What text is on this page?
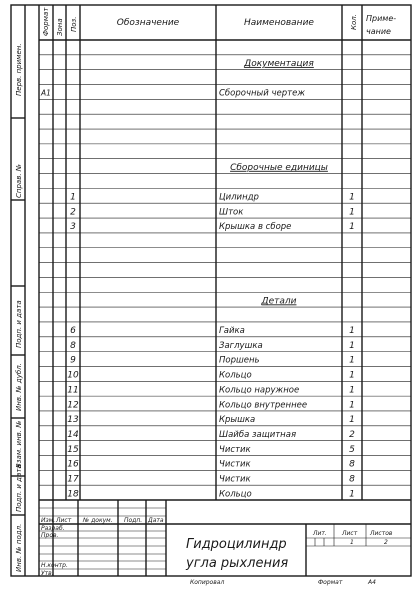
Формат Зона Поз.	Обозначение	Наименование	Кол. Приме-
чание
Документация
А1	Сборочный чертеж
Сборочные единицы
1	Цилиндр	1
2	Шток	1
3	Крышка в сборе	1
Детали
6	Гайка	1
8	Заглушка	1
9	Поршень	1
10	Кольцо	1
11	Кольцо наружное	1
12	Кольцо внутреннее	1
13	Крышка	1
14	Шайба защитная	2
15	Чистик	5
16	Чистик	8
17	Чистик	8
18	Кольцо	1
Перв. примен.
Справ. №
Подп. и дата
Инв. № дубл.
Взам. инв. №
Подп. и дата
Инв. № подл.
Изм. Лист № докум. Подп. Дата
Разраб.
Пров.
Н.контр.
Утв.
Гидроцилиндр
угла рыхления
Лит.	Лист Листов
1	2
Копировал	Формат	А4
